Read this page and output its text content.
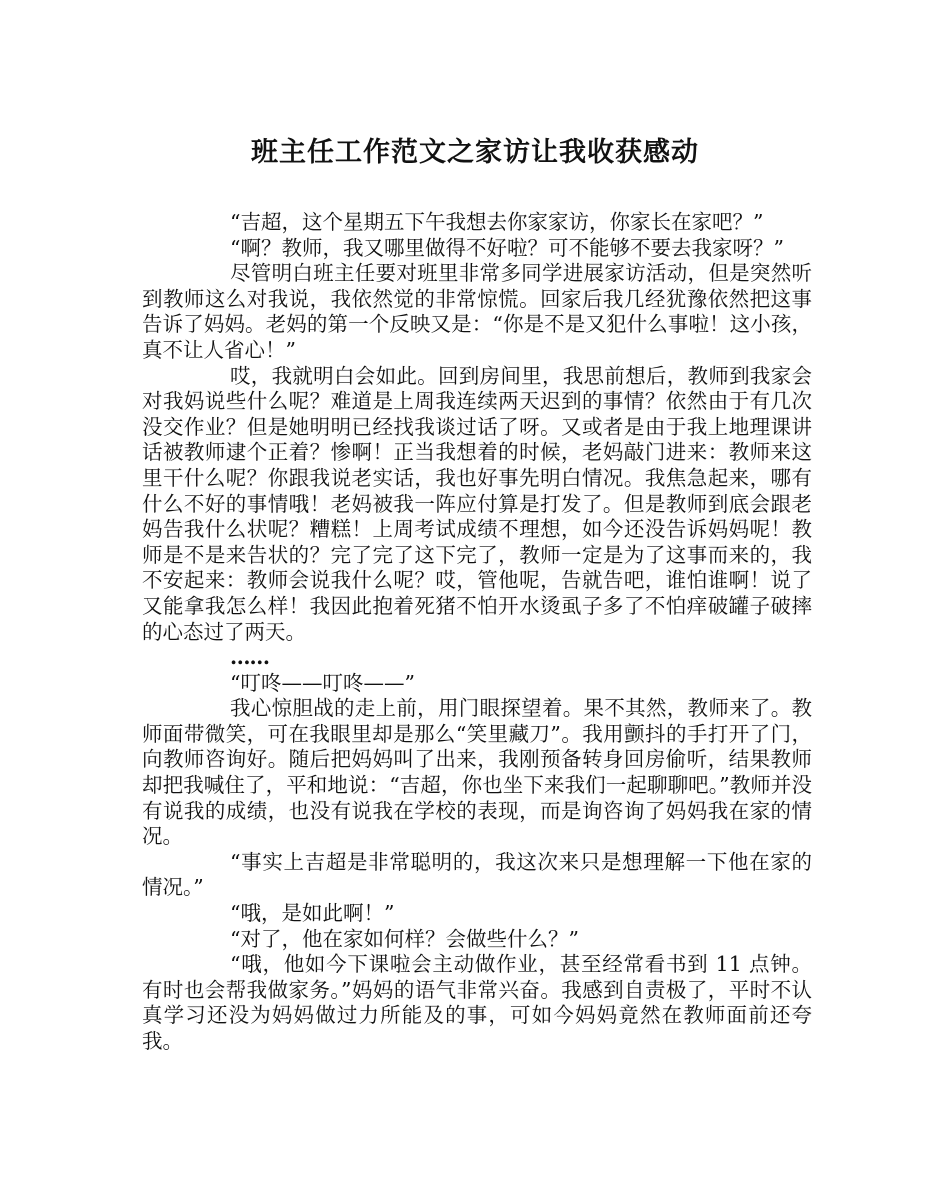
班主任工作范文之家访让我收获感动

“吉超，这个星期五下午我想去你家家访，你家长在家吧？”

“啊？教师，我又哪里做得不好啦？可不能够不要去我家呀？”

尽管明白班主任要对班里非常多同学进展家访活动，但是突然听到教师这么对我说，我依然觉的非常惊慌。回家后我几经犹豫依然把这事告诉了妈妈。老妈的第一个反映又是：“你是不是又犯什么事啦！这小孩，真不让人省心！”

哎，我就明白会如此。回到房间里，我思前想后，教师到我家会对我妈说些什么呢？难道是上周我连续两天迟到的事情？依然由于有几次没交作业？但是她明明已经找我谈过话了呀。又或者是由于我上地理课讲话被教师逮个正着？惨啊！正当我想着的时候，老妈敲门进来：教师来这里干什么呢？你跟我说老实话，我也好事先明白情况。我焦急起来，哪有什么不好的事情哦！老妈被我一阵应付算是打发了。但是教师到底会跟老妈告我什么状呢？糟糕！上周考试成绩不理想，如今还没告诉妈妈呢！教师是不是来告状的？完了完了这下完了，教师一定是为了这事而来的，我不安起来：教师会说我什么呢？哎，管他呢，告就告吧，谁怕谁啊！说了又能拿我怎么样！我因此抱着死猪不怕开水烫虱子多了不怕痒破罐子破摔的心态过了两天。

……

“叮咚——叮咚——”

我心惊胆战的走上前，用门眼探望着。果不其然，教师来了。教师面带微笑，可在我眼里却是那么“笑里藏刀”。我用颤抖的手打开了门，向教师咨询好。随后把妈妈叫了出来，我刚预备转身回房偷听，结果教师却把我喊住了，平和地说：“吉超，你也坐下来我们一起聊聊吧。”教师并没有说我的成绩，也没有说我在学校的表现，而是询咨询了妈妈我在家的情况。

“事实上吉超是非常聪明的，我这次来只是想理解一下他在家的情况。”

“哦，是如此啊！”

“对了，他在家如何样？会做些什么？”

“哦，他如今下课啦会主动做作业，甚至经常看书到 11 点钟。有时也会帮我做家务。”妈妈的语气非常兴奋。我感到自责极了，平时不认真学习还没为妈妈做过力所能及的事，可如今妈妈竟然在教师面前还夸我。
